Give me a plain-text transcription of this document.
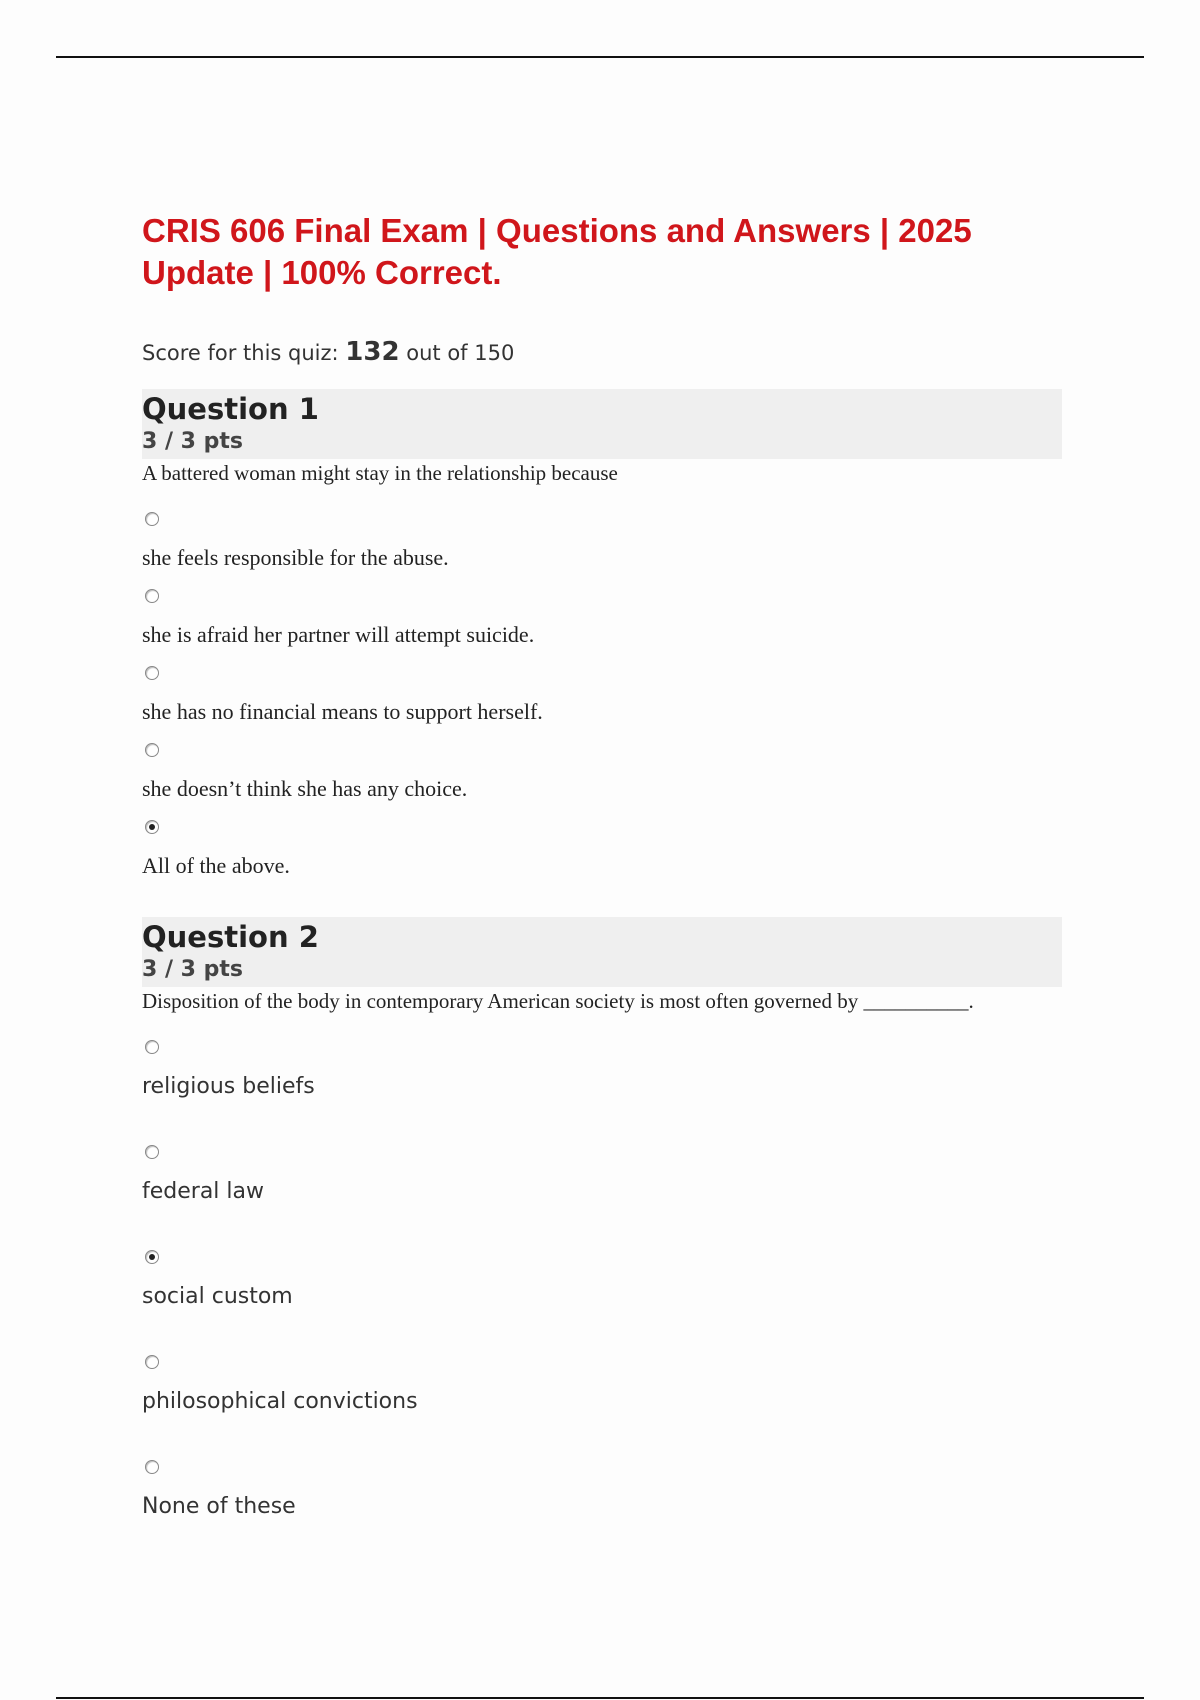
CRIS 606 Final Exam | Questions and Answers | 2025 Update | 100% Correct.
Score for this quiz: 132 out of 150
Question 1
3 / 3 pts
A battered woman might stay in the relationship because
she feels responsible for the abuse.
she is afraid her partner will attempt suicide.
she has no financial means to support herself.
she doesn’t think she has any choice.
All of the above.
Question 2
3 / 3 pts
Disposition of the body in contemporary American society is most often governed by __________.
religious beliefs
federal law
social custom
philosophical convictions
None of these
